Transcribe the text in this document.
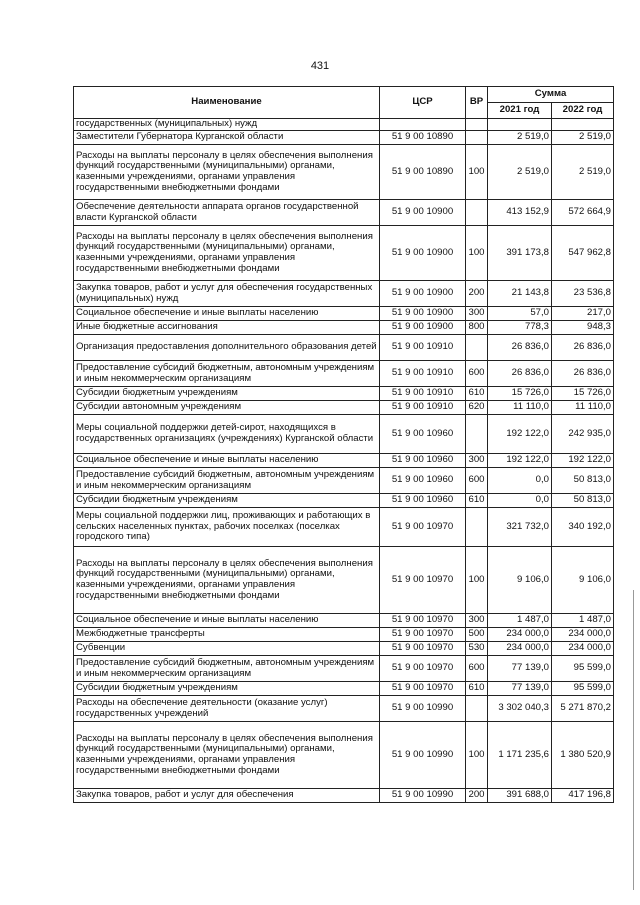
431
Наименование	ЦСР	ВР	Сумма	
			2021 год	2022 год
государственных (муниципальных) нужд				
Заместители Губернатора Курганской области	51 9 00 10890		2 519,0	2 519,0
Расходы на выплаты персоналу в целях обеспечения выполнения функций государственными (муниципальными) органами, казенными учреждениями, органами управления государственными внебюджетными фондами	51 9 00 10890	100	2 519,0	2 519,0
Обеспечение деятельности аппарата органов государственной власти Курганской области	51 9 00 10900		413 152,9	572 664,9
Расходы на выплаты персоналу в целях обеспечения выполнения функций государственными (муниципальными) органами, казенными учреждениями, органами управления государственными внебюджетными фондами	51 9 00 10900	100	391 173,8	547 962,8
Закупка товаров, работ и услуг для обеспечения государственных (муниципальных) нужд	51 9 00 10900	200	21 143,8	23 536,8
Социальное обеспечение и иные выплаты населению	51 9 00 10900	300	57,0	217,0
Иные бюджетные ассигнования	51 9 00 10900	800	778,3	948,3
Организация предоставления дополнительного образования детей	51 9 00 10910		26 836,0	26 836,0
Предоставление субсидий бюджетным, автономным учреждениям и иным некоммерческим организациям	51 9 00 10910	600	26 836,0	26 836,0
Субсидии бюджетным учреждениям	51 9 00 10910	610	15 726,0	15 726,0
Субсидии автономным учреждениям	51 9 00 10910	620	11 110,0	11 110,0
Меры социальной поддержки детей-сирот, находящихся в государственных организациях (учреждениях) Курганской области	51 9 00 10960		192 122,0	242 935,0
Социальное обеспечение и иные выплаты населению	51 9 00 10960	300	192 122,0	192 122,0
Предоставление субсидий бюджетным, автономным учреждениям и иным некоммерческим организациям	51 9 00 10960	600	0,0	50 813,0
Субсидии бюджетным учреждениям	51 9 00 10960	610	0,0	50 813,0
Меры социальной поддержки лиц, проживающих и работающих в сельских населенных пунктах, рабочих поселках (поселках городского типа)	51 9 00 10970		321 732,0	340 192,0
Расходы на выплаты персоналу в целях обеспечения выполнения функций государственными (муниципальными) органами, казенными учреждениями, органами управления государственными внебюджетными фондами	51 9 00 10970	100	9 106,0	9 106,0
Социальное обеспечение и иные выплаты населению	51 9 00 10970	300	1 487,0	1 487,0
Межбюджетные трансферты	51 9 00 10970	500	234 000,0	234 000,0
Субвенции	51 9 00 10970	530	234 000,0	234 000,0
Предоставление субсидий бюджетным, автономным учреждениям и иным некоммерческим организациям	51 9 00 10970	600	77 139,0	95 599,0
Субсидии бюджетным учреждениям	51 9 00 10970	610	77 139,0	95 599,0
Расходы на обеспечение деятельности (оказание услуг) государственных учреждений	51 9 00 10990		3 302 040,3	5 271 870,2
Расходы на выплаты персоналу в целях обеспечения выполнения функций государственными (муниципальными) органами, казенными учреждениями, органами управления государственными внебюджетными фондами	51 9 00 10990	100	1 171 235,6	1 380 520,9
Закупка товаров, работ и услуг для обеспечения	51 9 00 10990	200	391 688,0	417 196,8
